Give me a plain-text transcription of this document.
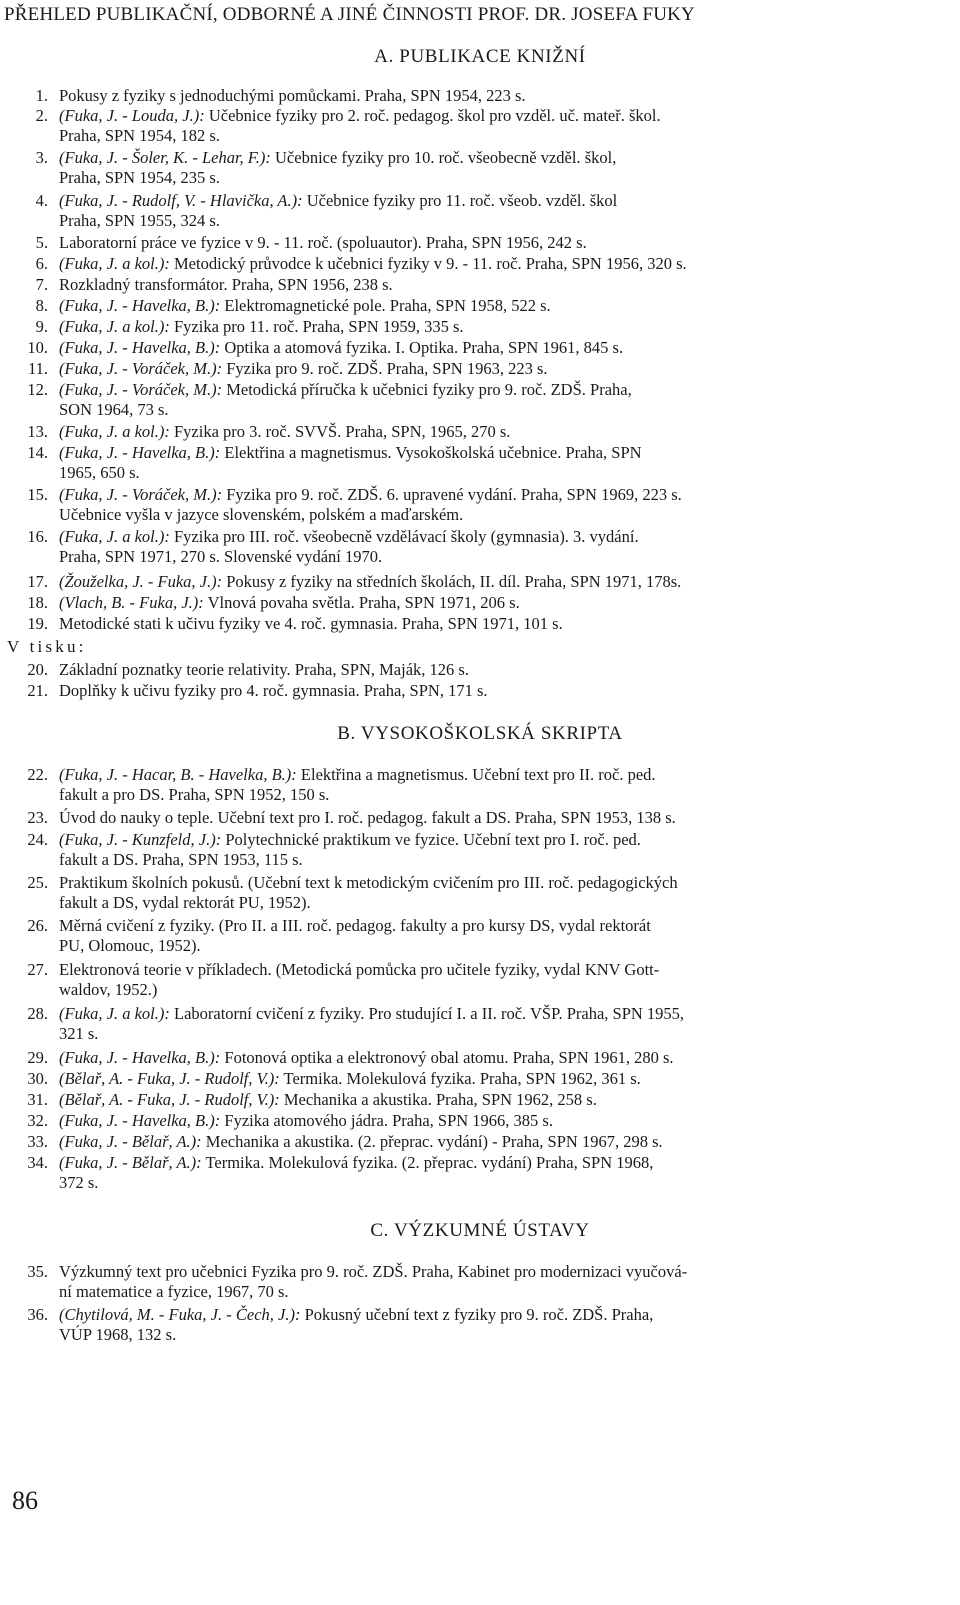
PŘEHLED PUBLIKAČNÍ, ODBORNÉ A JINÉ ČINNOSTI PROF. DR. JOSEFA FUKY
A. PUBLIKACE KNIŽNÍ
1. Pokusy z fyziky s jednoduchými pomůckami. Praha, SPN 1954, 223 s.
2. (Fuka, J. - Louda, J.): Učebnice fyziky pro 2. roč. pedagog. škol pro vzděl. uč. mateř. škol.
Praha, SPN 1954, 182 s.
3. (Fuka, J. - Šoler, K. - Lehar, F.): Učebnice fyziky pro 10. roč. všeobecně vzděl. škol,
Praha, SPN 1954, 235 s.
4. (Fuka, J. - Rudolf, V. - Hlavička, A.): Učebnice fyziky pro 11. roč. všeob. vzděl. škol
Praha, SPN 1955, 324 s.
5. Laboratorní práce ve fyzice v 9. - 11. roč. (spoluautor). Praha, SPN 1956, 242 s.
6. (Fuka, J. a kol.): Metodický průvodce k učebnici fyziky v 9. - 11. roč. Praha, SPN 1956, 320 s.
7. Rozkladný transformátor. Praha, SPN 1956, 238 s.
8. (Fuka, J. - Havelka, B.): Elektromagnetické pole. Praha, SPN 1958, 522 s.
9. (Fuka, J. a kol.): Fyzika pro 11. roč. Praha, SPN 1959, 335 s.
10. (Fuka, J. - Havelka, B.): Optika a atomová fyzika. I. Optika. Praha, SPN 1961, 845 s.
11. (Fuka, J. - Voráček, M.): Fyzika pro 9. roč. ZDŠ. Praha, SPN 1963, 223 s.
12. (Fuka, J. - Voráček, M.): Metodická příručka k učebnici fyziky pro 9. roč. ZDŠ. Praha,
SON 1964, 73 s.
13. (Fuka, J. a kol.): Fyzika pro 3. roč. SVVŠ. Praha, SPN, 1965, 270 s.
14. (Fuka, J. - Havelka, B.): Elektřina a magnetismus. Vysokoškolská učebnice. Praha, SPN
1965, 650 s.
15. (Fuka, J. - Voráček, M.): Fyzika pro 9. roč. ZDŠ. 6. upravené vydání. Praha, SPN 1969, 223 s.
Učebnice vyšla v jazyce slovenském, polském a maďarském.
16. (Fuka, J. a kol.): Fyzika pro III. roč. všeobecně vzdělávací školy (gymnasia). 3. vydání.
Praha, SPN 1971, 270 s. Slovenské vydání 1970.
17. (Žouželka, J. - Fuka, J.): Pokusy z fyziky na středních školách, II. díl. Praha, SPN 1971, 178s.
18. (Vlach, B. - Fuka, J.): Vlnová povaha světla. Praha, SPN 1971, 206 s.
19. Metodické stati k učivu fyziky ve 4. roč. gymnasia. Praha, SPN 1971, 101 s.
V tisku:
20. Základní poznatky teorie relativity. Praha, SPN, Maják, 126 s.
21. Doplňky k učivu fyziky pro 4. roč. gymnasia. Praha, SPN, 171 s.
B. VYSOKOŠKOLSKÁ SKRIPTA
22. (Fuka, J. - Hacar, B. - Havelka, B.): Elektřina a magnetismus. Učební text pro II. roč. ped.
fakult a pro DS. Praha, SPN 1952, 150 s.
23. Úvod do nauky o teple. Učební text pro I. roč. pedagog. fakult a DS. Praha, SPN 1953, 138 s.
24. (Fuka, J. - Kunzfeld, J.): Polytechnické praktikum ve fyzice. Učební text pro I. roč. ped.
fakult a DS. Praha, SPN 1953, 115 s.
25. Praktikum školních pokusů. (Učební text k metodickým cvičením pro III. roč. pedagogických
fakult a DS, vydal rektorát PU, 1952).
26. Měrná cvičení z fyziky. (Pro II. a III. roč. pedagog. fakulty a pro kursy DS, vydal rektorát
PU, Olomouc, 1952).
27. Elektronová teorie v příkladech. (Metodická pomůcka pro učitele fyziky, vydal KNV Gott-
waldov, 1952.)
28. (Fuka, J. a kol.): Laboratorní cvičení z fyziky. Pro studující I. a II. roč. VŠP. Praha, SPN 1955,
321 s.
29. (Fuka, J. - Havelka, B.): Fotonová optika a elektronový obal atomu. Praha, SPN 1961, 280 s.
30. (Bělař, A. - Fuka, J. - Rudolf, V.): Termika. Molekulová fyzika. Praha, SPN 1962, 361 s.
31. (Bělař, A. - Fuka, J. - Rudolf, V.): Mechanika a akustika. Praha, SPN 1962, 258 s.
32. (Fuka, J. - Havelka, B.): Fyzika atomového jádra. Praha, SPN 1966, 385 s.
33. (Fuka, J. - Bělař, A.): Mechanika a akustika. (2. přeprac. vydání) - Praha, SPN 1967, 298 s.
34. (Fuka, J. - Bělař, A.): Termika. Molekulová fyzika. (2. přeprac. vydání) Praha, SPN 1968,
372 s.
C. VÝZKUMNÉ ÚSTAVY
35. Výzkumný text pro učebnici Fyzika pro 9. roč. ZDŠ. Praha, Kabinet pro modernizaci vyučová-
ní matematice a fyzice, 1967, 70 s.
36. (Chytilová, M. - Fuka, J. - Čech, J.): Pokusný učební text z fyziky pro 9. roč. ZDŠ. Praha,
VÚP 1968, 132 s.
86
